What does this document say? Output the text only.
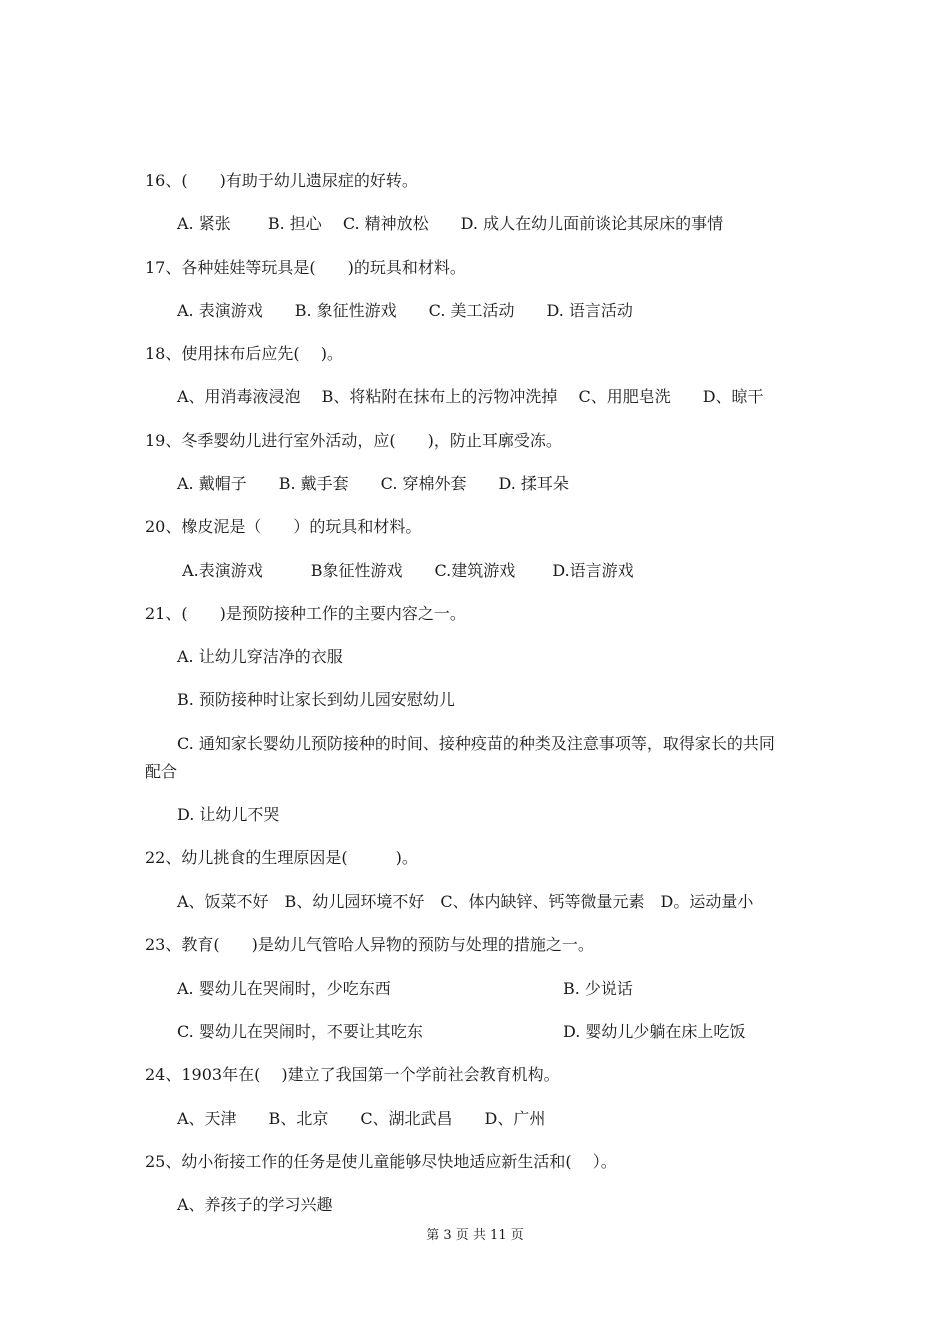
16、(　　)有助于幼儿遗尿症的好转。
A. 紧张　　 B. 担心　 C. 精神放松　　D. 成人在幼儿面前谈论其尿床的事情
17、各种娃娃等玩具是(　　)的玩具和材料。
A. 表演游戏　　B. 象征性游戏　　C. 美工活动　　D. 语言活动
18、使用抹布后应先(　 )。
A、用消毒液浸泡　 B、将粘附在抹布上的污物冲洗掉　 C、用肥皂洗　　D、晾干
19、冬季婴幼儿进行室外活动，应(　　)，防止耳廓受冻。
A. 戴帽子　　B. 戴手套　　C. 穿棉外套　　D. 揉耳朵
20、橡皮泥是（　　）的玩具和材料。
A.表演游戏　　　B象征性游戏　　C.建筑游戏　　 D.语言游戏
21、(　　)是预防接种工作的主要内容之一。
A. 让幼儿穿洁净的衣服
B. 预防接种时让家长到幼儿园安慰幼儿
C. 通知家长婴幼儿预防接种的时间、接种疫苗的种类及注意事项等，取得家长的共同
配合
D. 让幼儿不哭
22、幼儿挑食的生理原因是(　　　)。
A、饭菜不好　B、幼儿园环境不好　C、体内缺锌、钙等微量元素　D。运动量小
23、教育(　　)是幼儿气管哈人异物的预防与处理的措施之一。
A. 婴幼儿在哭闹时，少吃东西	B. 少说话
C. 婴幼儿在哭闹时，不要让其吃东	D. 婴幼儿少躺在床上吃饭
24、1903年在(　 )建立了我国第一个学前社会教育机构。
A、天津　　B、北京　　C、湖北武昌　　D、广州
25、幼小衔接工作的任务是使儿童能够尽快地适应新生活和(　 ）。
A、养孩子的学习兴趣
第 3 页 共 11 页
